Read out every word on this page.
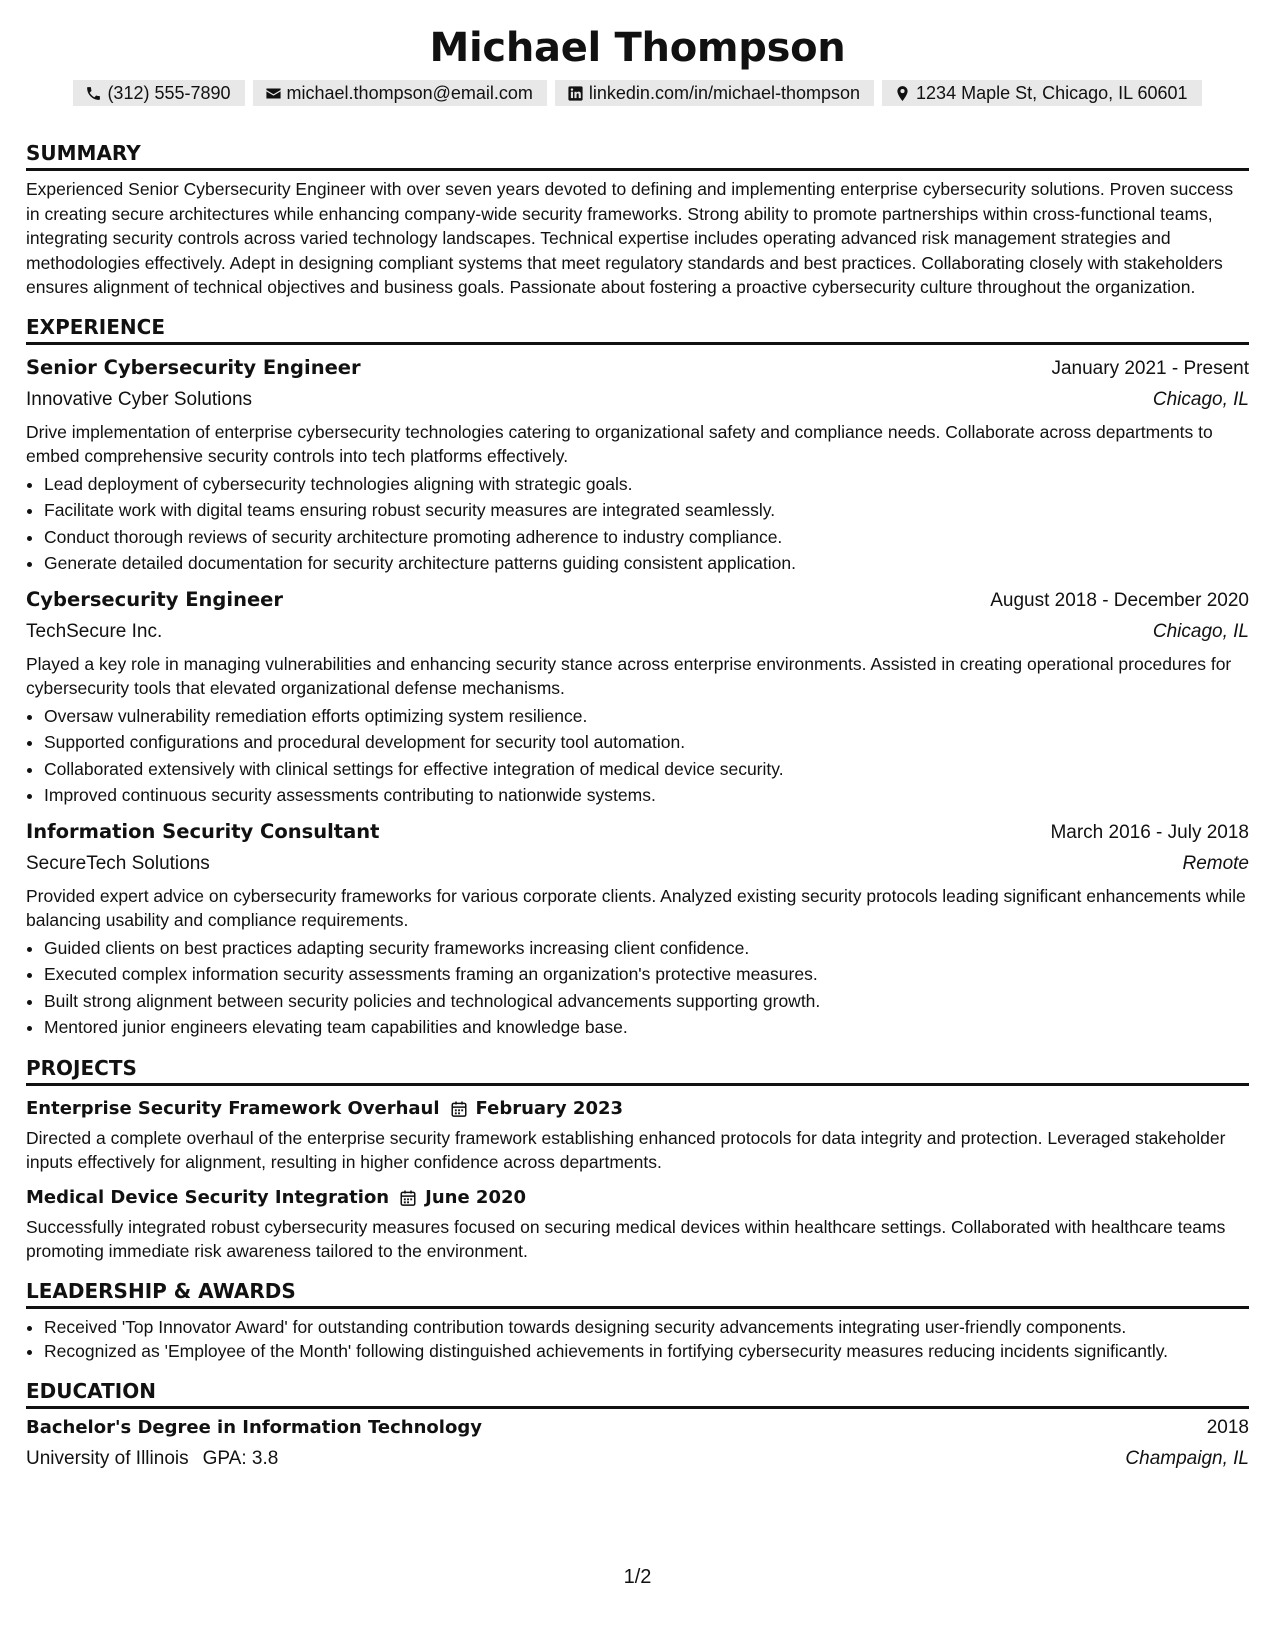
Michael Thompson
(312) 555-7890	michael.thompson@email.com	linkedin.com/in/michael-thompson	1234 Maple St, Chicago, IL 60601
SUMMARY

Experienced Senior Cybersecurity Engineer with over seven years devoted to defining and implementing enterprise cybersecurity solutions. Proven success in creating secure architectures while enhancing company-wide security frameworks. Strong ability to promote partnerships within cross-functional teams, integrating security controls across varied technology landscapes. Technical expertise includes operating advanced risk management strategies and methodologies effectively. Adept in designing compliant systems that meet regulatory standards and best practices. Collaborating closely with stakeholders ensures alignment of technical objectives and business goals. Passionate about fostering a proactive cybersecurity culture throughout the organization.

EXPERIENCE
Senior Cybersecurity Engineer	January 2021 - Present
Innovative Cyber Solutions	Chicago, IL

Drive implementation of enterprise cybersecurity technologies catering to organizational safety and compliance needs. Collaborate across departments to embed comprehensive security controls into tech platforms effectively.

• Lead deployment of cybersecurity technologies aligning with strategic goals.
• Facilitate work with digital teams ensuring robust security measures are integrated seamlessly.
• Conduct thorough reviews of security architecture promoting adherence to industry compliance.
• Generate detailed documentation for security architecture patterns guiding consistent application.
Cybersecurity Engineer	August 2018 - December 2020
TechSecure Inc.	Chicago, IL

Played a key role in managing vulnerabilities and enhancing security stance across enterprise environments. Assisted in creating operational procedures for cybersecurity tools that elevated organizational defense mechanisms.

• Oversaw vulnerability remediation efforts optimizing system resilience.
• Supported configurations and procedural development for security tool automation.
• Collaborated extensively with clinical settings for effective integration of medical device security.
• Improved continuous security assessments contributing to nationwide systems.
Information Security Consultant	March 2016 - July 2018
SecureTech Solutions	Remote

Provided expert advice on cybersecurity frameworks for various corporate clients. Analyzed existing security protocols leading significant enhancements while balancing usability and compliance requirements.

• Guided clients on best practices adapting security frameworks increasing client confidence.
• Executed complex information security assessments framing an organization's protective measures.
• Built strong alignment between security policies and technological advancements supporting growth.
• Mentored junior engineers elevating team capabilities and knowledge base.
PROJECTS
Enterprise Security Framework Overhaul February 2023

Directed a complete overhaul of the enterprise security framework establishing enhanced protocols for data integrity and protection. Leveraged stakeholder inputs effectively for alignment, resulting in higher confidence across departments.

Medical Device Security Integration June 2020

Successfully integrated robust cybersecurity measures focused on securing medical devices within healthcare settings. Collaborated with healthcare teams promoting immediate risk awareness tailored to the environment.

LEADERSHIP & AWARDS
• Received 'Top Innovator Award' for outstanding contribution towards designing security advancements integrating user-friendly components.
• Recognized as 'Employee of the Month' following distinguished achievements in fortifying cybersecurity measures reducing incidents significantly.
EDUCATION
Bachelor's Degree in Information Technology	2018
University of Illinois GPA: 3.8	Champaign, IL
1/2
